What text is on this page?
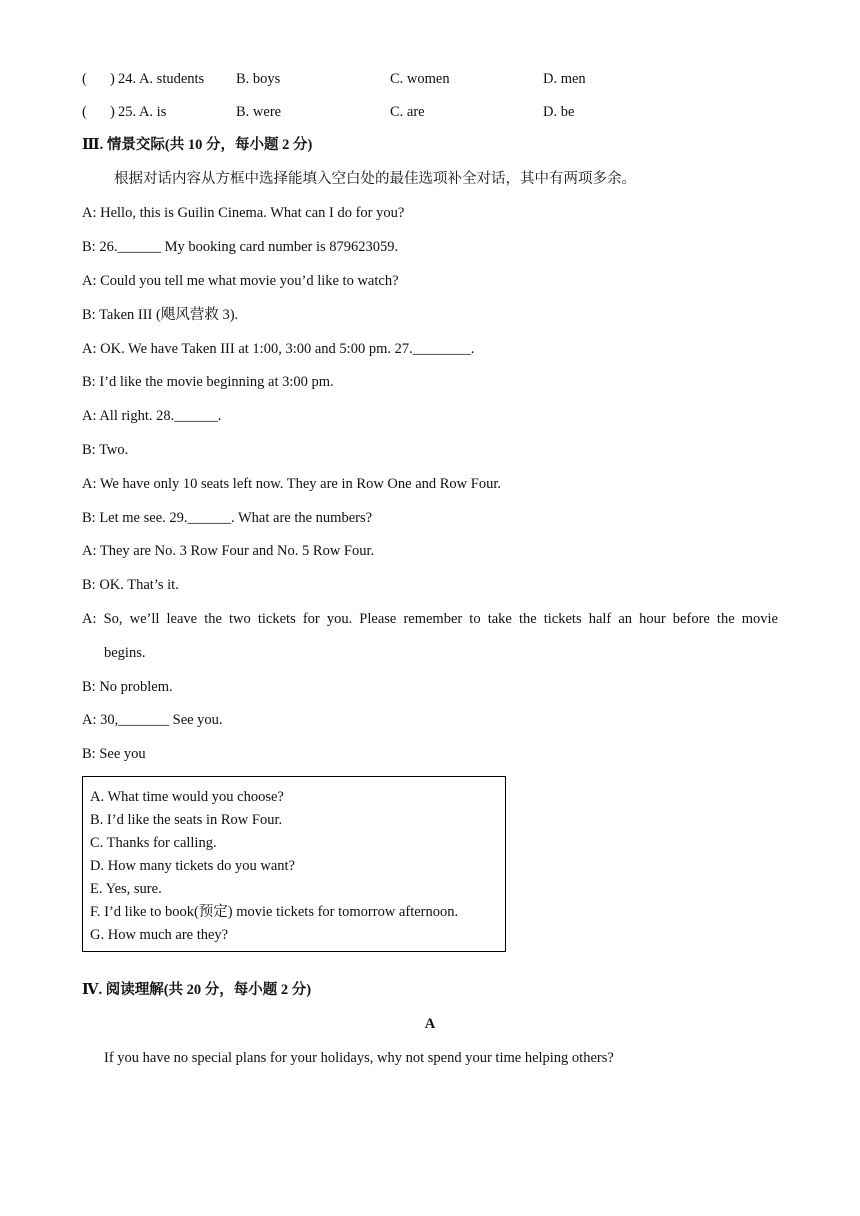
( ) 24. A. students B. boys	C. women	D. men
( ) 25. A. is	B. were	C. are	D. be
Ⅲ. 情景交际(共 10 分，每小题 2 分)
根据对话内容从方框中选择能填入空白处的最佳选项补全对话，其中有两项多余。
A: Hello, this is Guilin Cinema. What can I do for you?
B: 26.______ My booking card number is 879623059.
A: Could you tell me what movie you’d like to watch?
B: Taken III (飓风营救 3).
A: OK. We have Taken III at 1:00, 3:00 and 5:00 pm. 27.________.
B: I’d like the movie beginning at 3:00 pm.
A: All right. 28.______.
B: Two.
A: We have only 10 seats left now. They are in Row One and Row Four.
B: Let me see. 29.______. What are the numbers?
A: They are No. 3 Row Four and No. 5 Row Four.
B: OK. That’s it.
A: So, we’ll leave the two tickets for you. Please remember to take the tickets half an hour before the movie
begins.
B: No problem.
A: 30,_______ See you.
B: See you
A. What time would you choose?
B. I’d like the seats in Row Four.
C. Thanks for calling.
D. How many tickets do you want?
E. Yes, sure.
F. I’d like to book(预定) movie tickets for tomorrow afternoon.
G. How much are they?
Ⅳ. 阅读理解(共 20 分，每小题 2 分)
A
If you have no special plans for your holidays, why not spend your time helping others?
